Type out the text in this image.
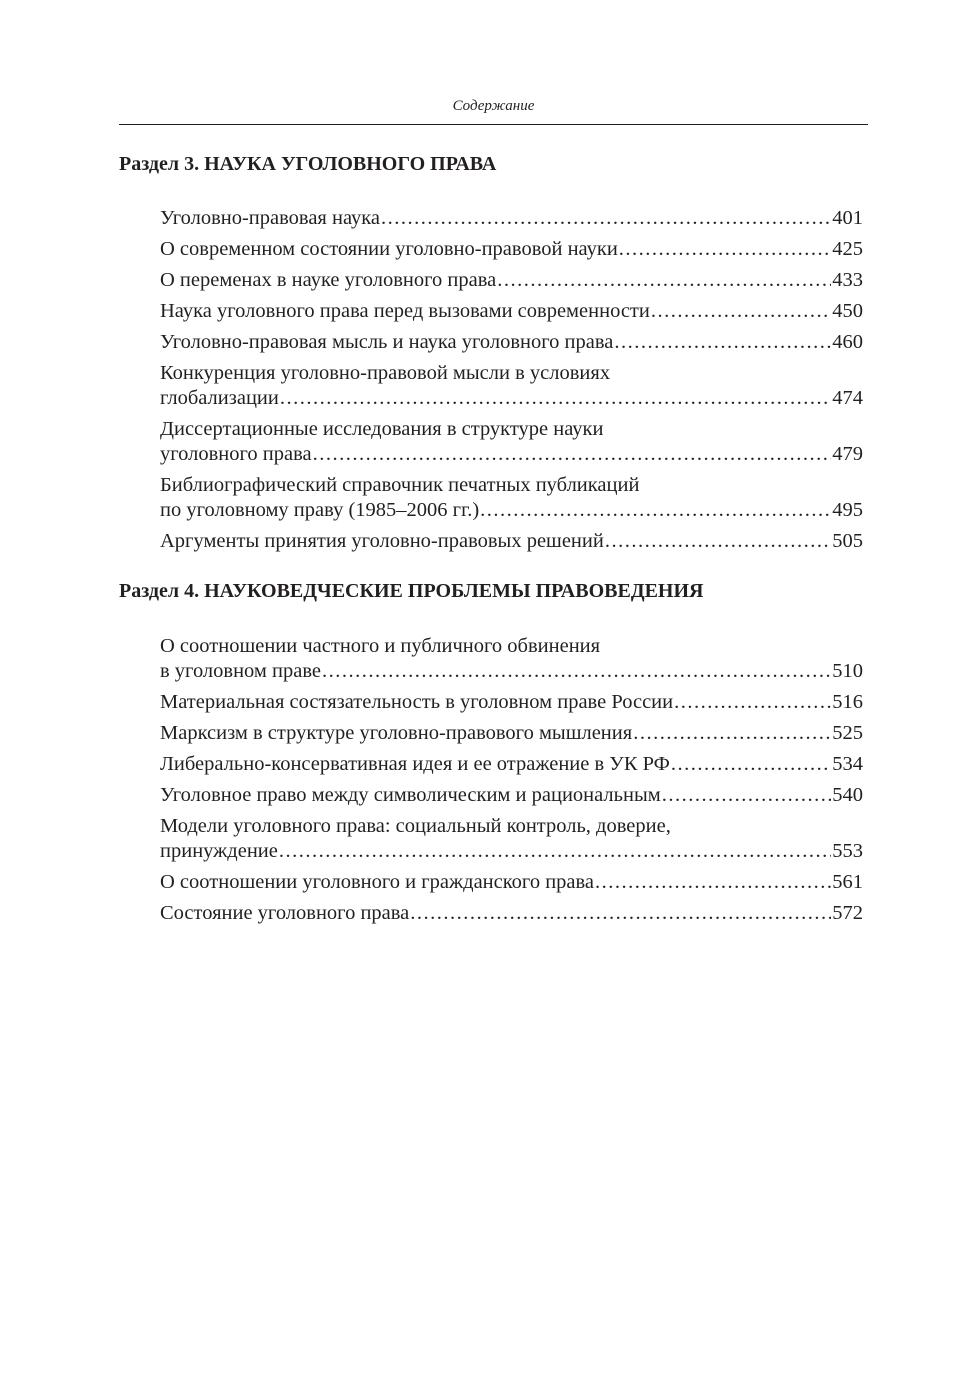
Содержание
Раздел 3. НАУКА УГОЛОВНОГО ПРАВА
Уголовно-правовая наука .....	401
О современном состоянии уголовно-правовой науки .....	425
О переменах в науке уголовного права .....	433
Наука уголовного права перед вызовами современности .....	450
Уголовно-правовая мысль и наука уголовного права .....	460
Конкуренция уголовно-правовой мысли в условиях
глобализации .....	474
Диссертационные исследования в структуре науки
уголовного права .....	479
Библиографический справочник печатных публикаций
по уголовному праву (1985–2006 гг.) .....	495
Аргументы принятия уголовно-правовых решений .....	505
Раздел 4. НАУКОВЕДЧЕСКИЕ ПРОБЛЕМЫ ПРАВОВЕДЕНИЯ
О соотношении частного и публичного обвинения
в уголовном праве .....	510
Материальная состязательность в уголовном праве России .....	516
Марксизм в структуре уголовно-правового мышления .....	525
Либерально-консервативная идея и ее отражение в УК РФ .....	534
Уголовное право между символическим и рациональным .....	540
Модели уголовного права: социальный контроль, доверие,
принуждение .....	553
О соотношении уголовного и гражданского права .....	561
Состояние уголовного права .....	572
